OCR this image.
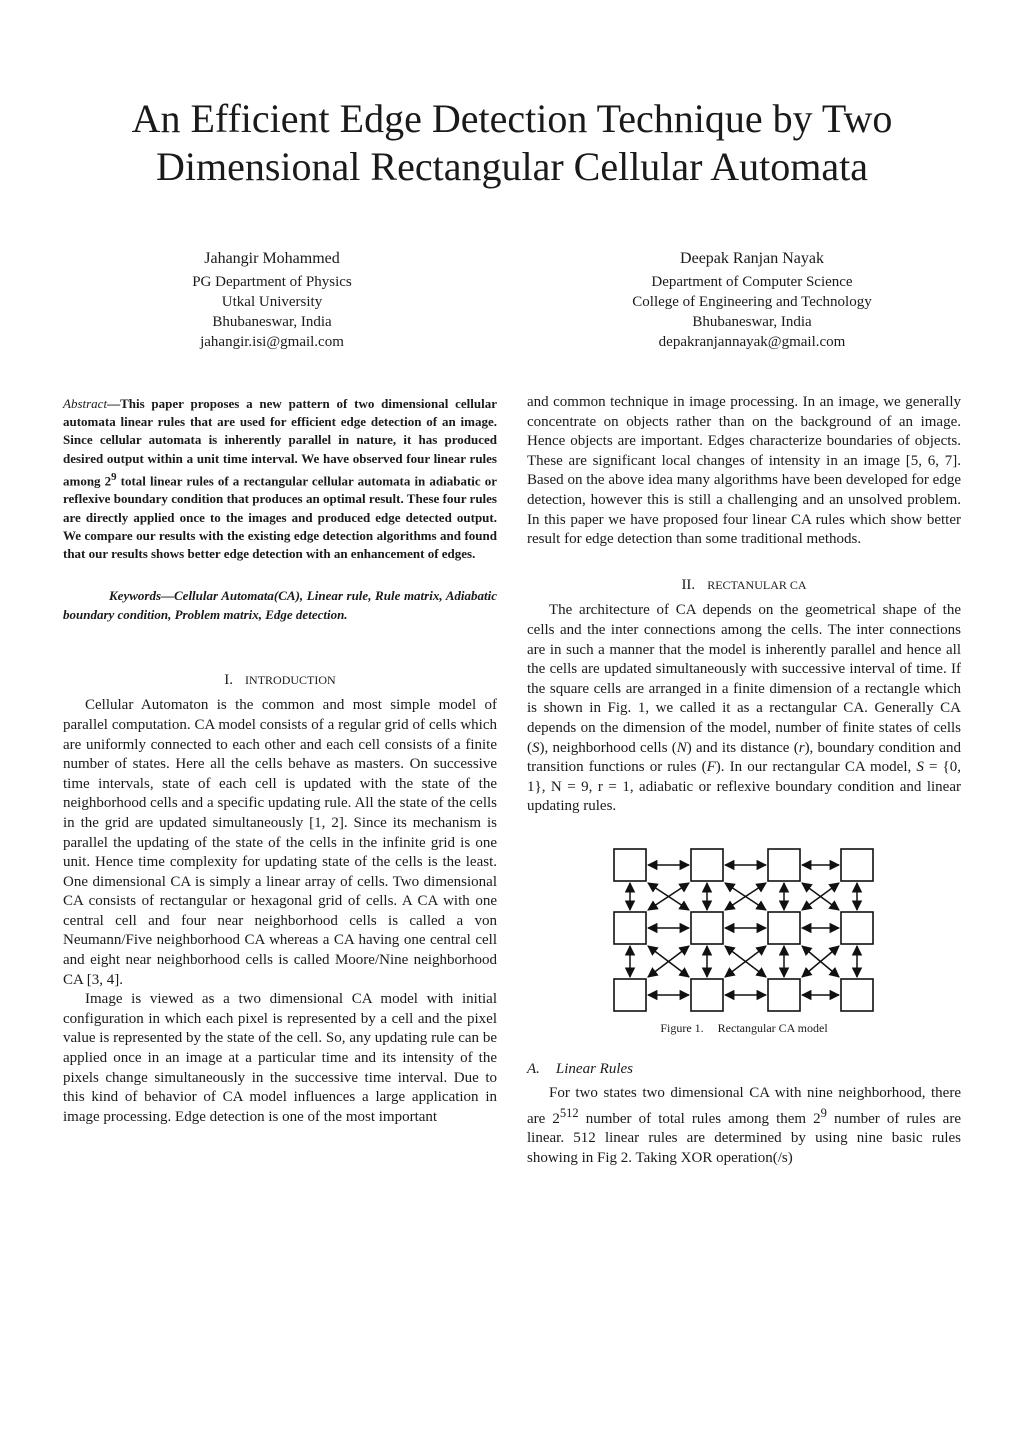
An Efficient Edge Detection Technique by Two
Dimensional Rectangular Cellular Automata
Jahangir Mohammed
PG Department of Physics
Utkal University
Bhubaneswar, India
jahangir.isi@gmail.com
Deepak Ranjan Nayak
Department of Computer Science
College of Engineering and Technology
Bhubaneswar, India
depakranjannayak@gmail.com

Abstract—This paper proposes a new pattern of two dimensional cellular automata linear rules that are used for efficient edge detection of an image. Since cellular automata is inherently parallel in nature, it has produced desired output within a unit time interval. We have observed four linear rules among $2^9$ total linear rules of a rectangular cellular automata in adiabatic or reflexive boundary condition that produces an optimal result. These four rules are directly applied once to the images and produced edge detected output. We compare our results with the existing edge detection algorithms and found that our results shows better edge detection with an enhancement of edges.

Keywords—Cellular Automata(CA), Linear rule, Rule matrix, Adiabatic boundary condition, Problem matrix, Edge detection.

I. INTRODUCTION

Cellular Automaton is the common and most simple model of parallel computation. CA model consists of a regular grid of cells which are uniformly connected to each other and each cell consists of a finite number of states. Here all the cells behave as masters. On successive time intervals, state of each cell is updated with the state of the neighborhood cells and a specific updating rule. All the state of the cells in the grid are updated simultaneously [1, 2]. Since its mechanism is parallel the updating of the state of the cells in the infinite grid is one unit. Hence time complexity for updating state of the cells is the least. One dimensional CA is simply a linear array of cells. Two dimensional CA consists of rectangular or hexagonal grid of cells. A CA with one central cell and four near neighborhood cells is called a von Neumann/Five neighborhood CA whereas a CA having one central cell and eight near neighborhood cells is called Moore/Nine neighborhood CA [3, 4].

Image is viewed as a two dimensional CA model with initial configuration in which each pixel is represented by a cell and the pixel value is represented by the state of the cell. So, any updating rule can be applied once in an image at a particular time and its intensity of the pixels change simultaneously in the successive time interval. Due to this kind of behavior of CA model influences a large application in image processing. Edge detection is one of the most important

and common technique in image processing. In an image, we generally concentrate on objects rather than on the background of an image. Hence objects are important. Edges characterize boundaries of objects. These are significant local changes of intensity in an image [5, 6, 7]. Based on the above idea many algorithms have been developed for edge detection, however this is still a challenging and an unsolved problem. In this paper we have proposed four linear CA rules which show better result for edge detection than some traditional methods.

II. RECTANULAR CA

The architecture of CA depends on the geometrical shape of the cells and the inter connections among the cells. The inter connections are in such a manner that the model is inherently parallel and hence all the cells are updated simultaneously with successive interval of time. If the square cells are arranged in a finite dimension of a rectangle which is shown in Fig. 1, we called it as a rectangular CA. Generally CA depends on the dimension of the model, number of finite states of cells (S), neighborhood cells (N) and its distance (r), boundary condition and transition functions or rules (F). In our rectangular CA model, S = {0, 1}, N = 9, r = 1, adiabatic or reflexive boundary condition and linear updating rules.

Figure 1. Rectangular CA model

A. Linear Rules

For two states two dimensional CA with nine neighborhood, there are $2^{512}$ number of total rules among them $2^9$ number of rules are linear. 512 linear rules are determined by using nine basic rules showing in Fig 2. Taking XOR operation(/s)
